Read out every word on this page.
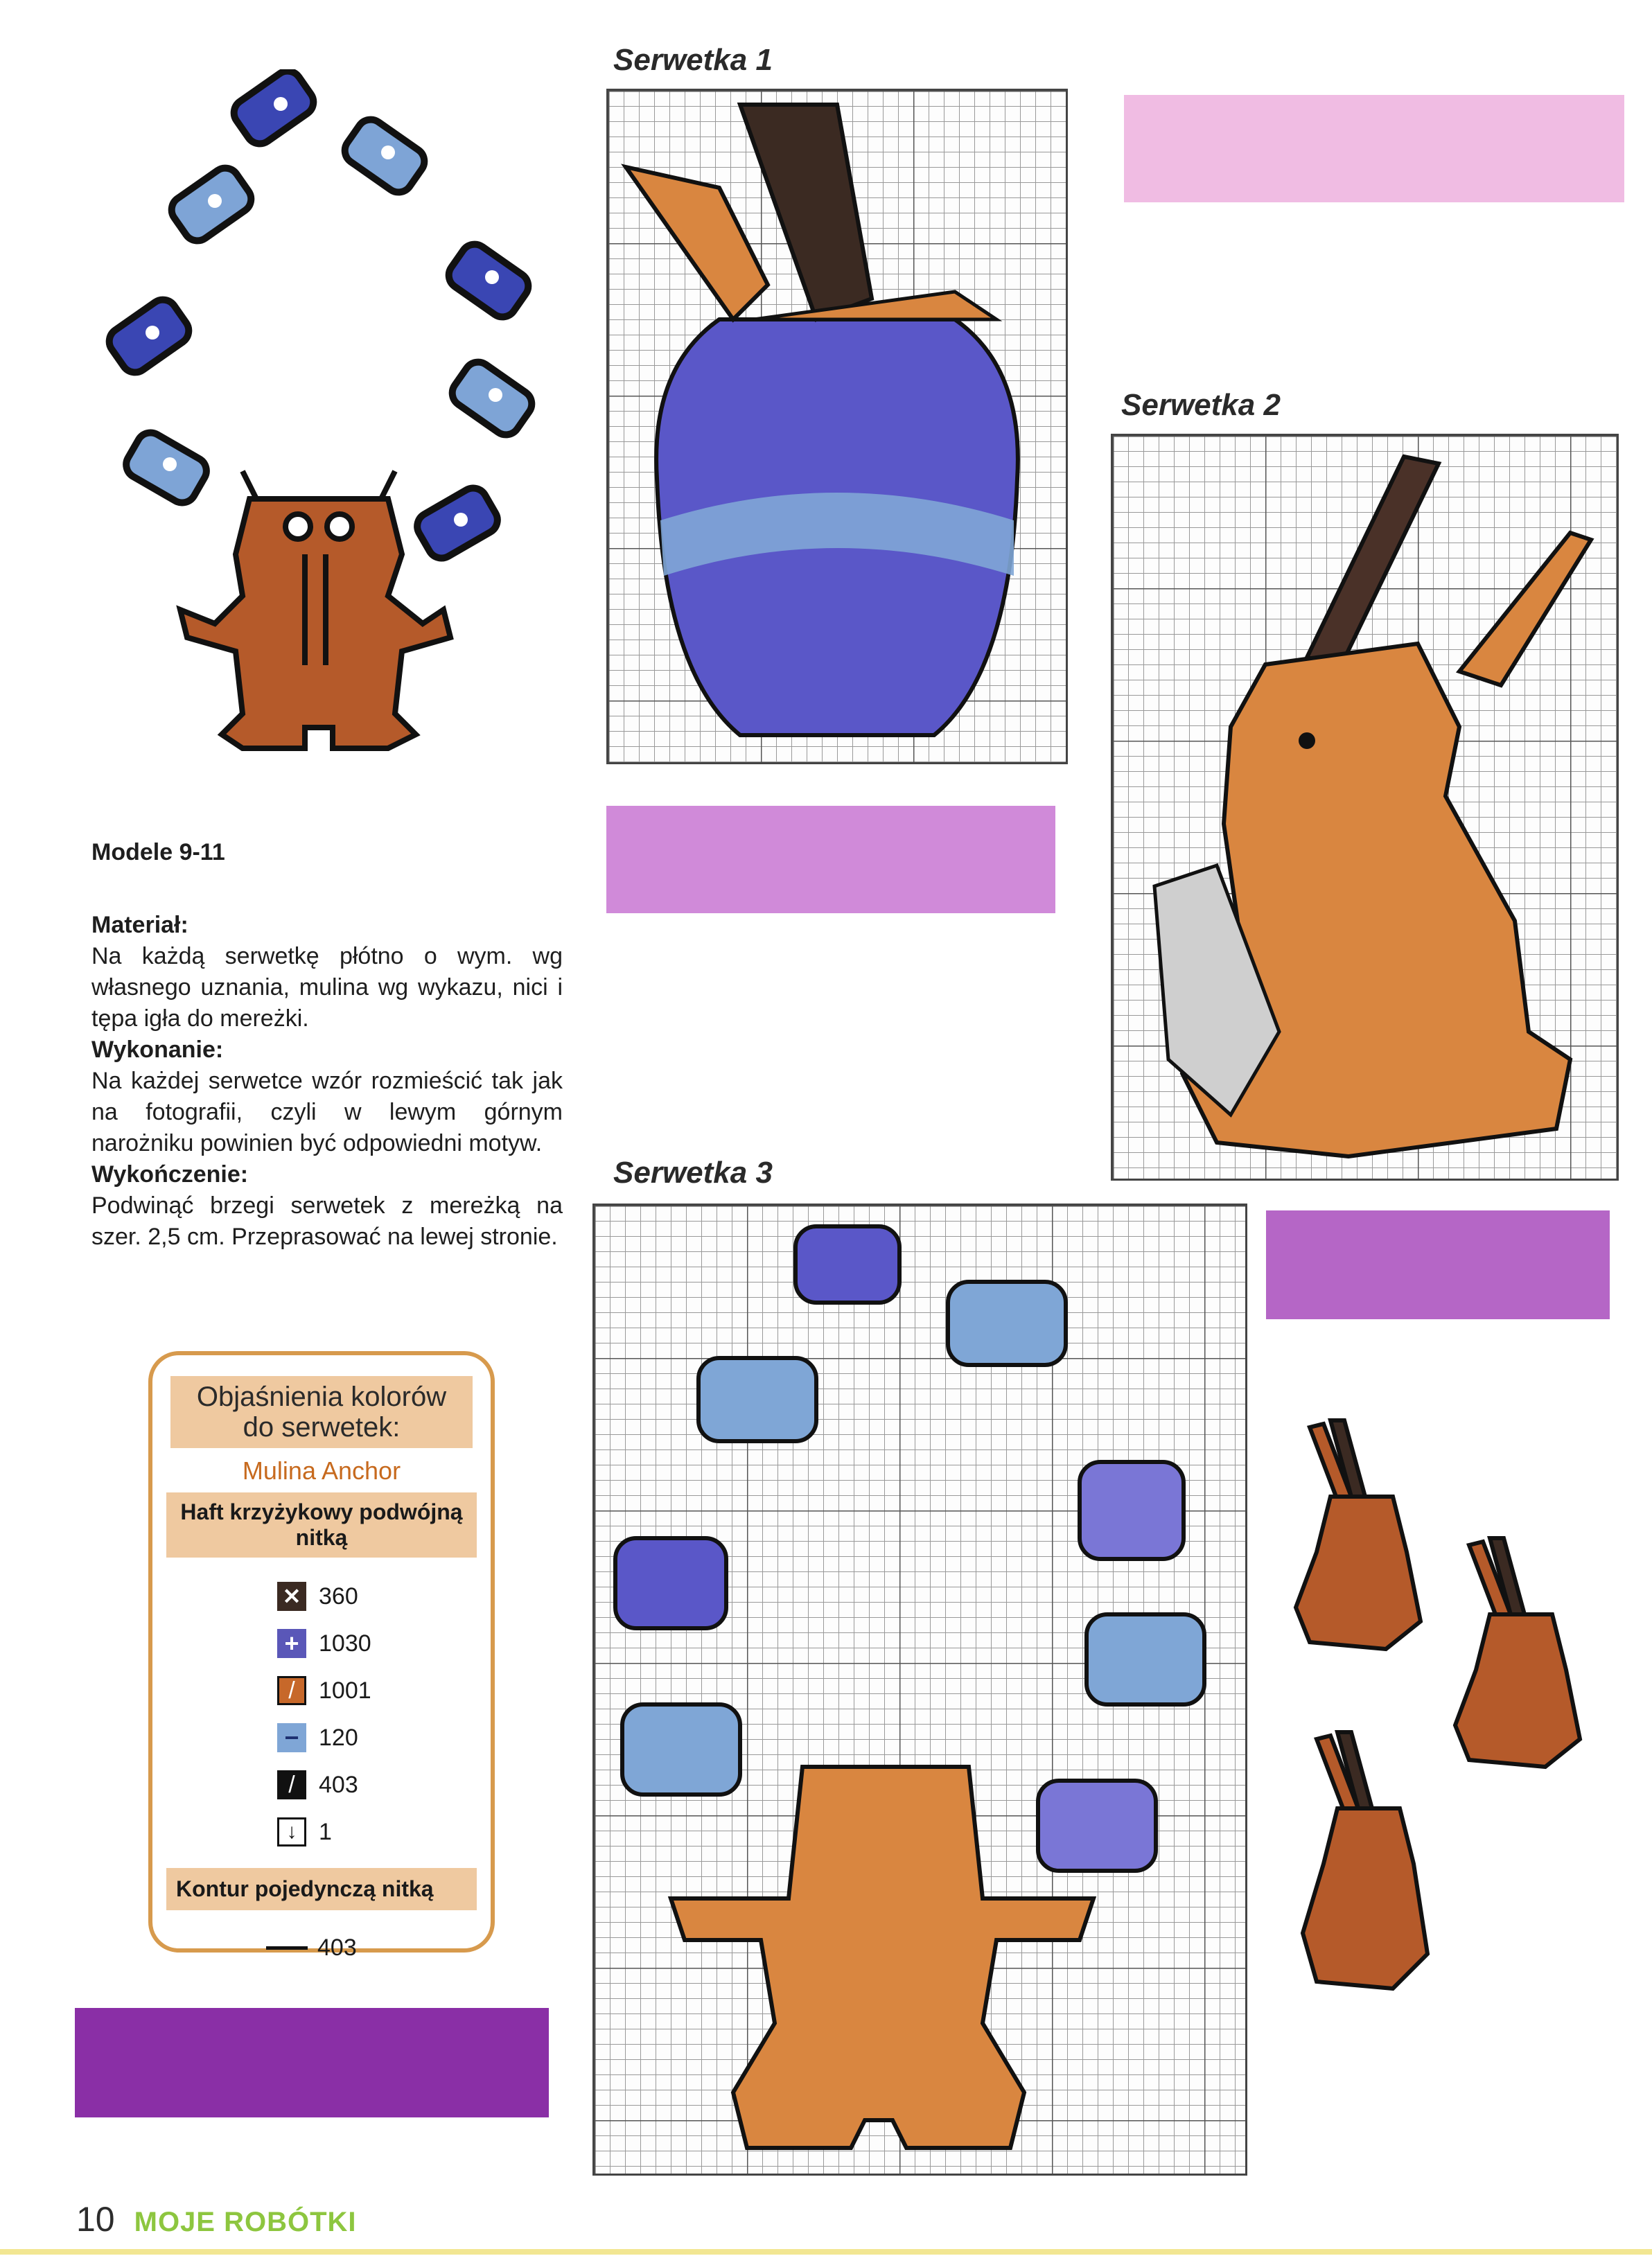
Serwetka 1
Serwetka 2
Modele 9-11
Materiał:

Na każdą serwetkę płótno o wym. wg własnego uznania, mulina wg wykazu, nici i tępa igła do mereżki.

Wykonanie:

Na każdej serwetce wzór rozmieścić tak jak na fotografii, czyli w lewym górnym narożniku powinien być odpowiedni motyw.

Wykończenie:

Podwinąć brzegi serwetek z mereżką na szer. 2,5 cm. Przeprasować na lewej stronie.

Serwetka 3
Objaśnienia kolorów
do serwetek:
Mulina Anchor
Haft krzyżykowy podwójną nitką
✕ 360
+ 1030
/	1001
− 120
/	403
↓ 1
Kontur pojedynczą nitką
403
10 MOJE ROBÓTKI
